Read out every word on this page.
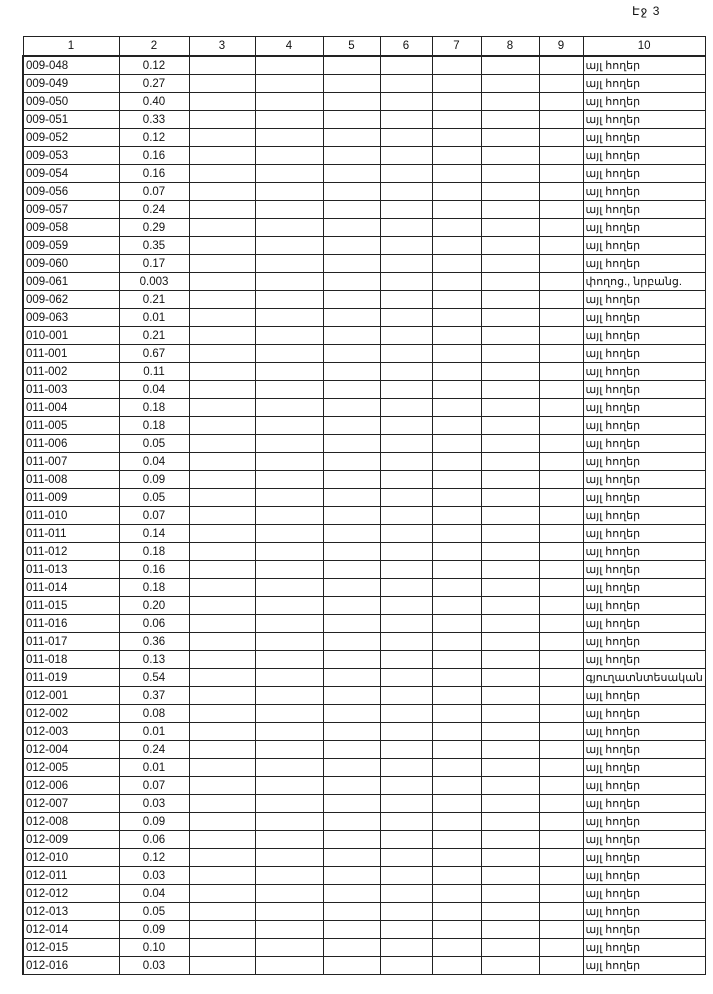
Էջ 3
1	2	3	4	5	6	7	8	9	10
009-048	0.12								այլ հողեր
009-049	0.27								այլ հողեր
009-050	0.40								այլ հողեր
009-051	0.33								այլ հողեր
009-052	0.12								այլ հողեր
009-053	0.16								այլ հողեր
009-054	0.16								այլ հողեր
009-056	0.07								այլ հողեր
009-057	0.24								այլ հողեր
009-058	0.29								այլ հողեր
009-059	0.35								այլ հողեր
009-060	0.17								այլ հողեր
009-061	0.003								փողոց., նրբանց.
009-062	0.21								այլ հողեր
009-063	0.01								այլ հողեր
010-001	0.21								այլ հողեր
011-001	0.67								այլ հողեր
011-002	0.11								այլ հողեր
011-003	0.04								այլ հողեր
011-004	0.18								այլ հողեր
011-005	0.18								այլ հողեր
011-006	0.05								այլ հողեր
011-007	0.04								այլ հողեր
011-008	0.09								այլ հողեր
011-009	0.05								այլ հողեր
011-010	0.07								այլ հողեր
011-011	0.14								այլ հողեր
011-012	0.18								այլ հողեր
011-013	0.16								այլ հողեր
011-014	0.18								այլ հողեր
011-015	0.20								այլ հողեր
011-016	0.06								այլ հողեր
011-017	0.36								այլ հողեր
011-018	0.13								այլ հողեր
011-019	0.54								գյուղատնտեսական
012-001	0.37								այլ հողեր
012-002	0.08								այլ հողեր
012-003	0.01								այլ հողեր
012-004	0.24								այլ հողեր
012-005	0.01								այլ հողեր
012-006	0.07								այլ հողեր
012-007	0.03								այլ հողեր
012-008	0.09								այլ հողեր
012-009	0.06								այլ հողեր
012-010	0.12								այլ հողեր
012-011	0.03								այլ հողեր
012-012	0.04								այլ հողեր
012-013	0.05								այլ հողեր
012-014	0.09								այլ հողեր
012-015	0.10								այլ հողեր
012-016	0.03								այլ հողեր
